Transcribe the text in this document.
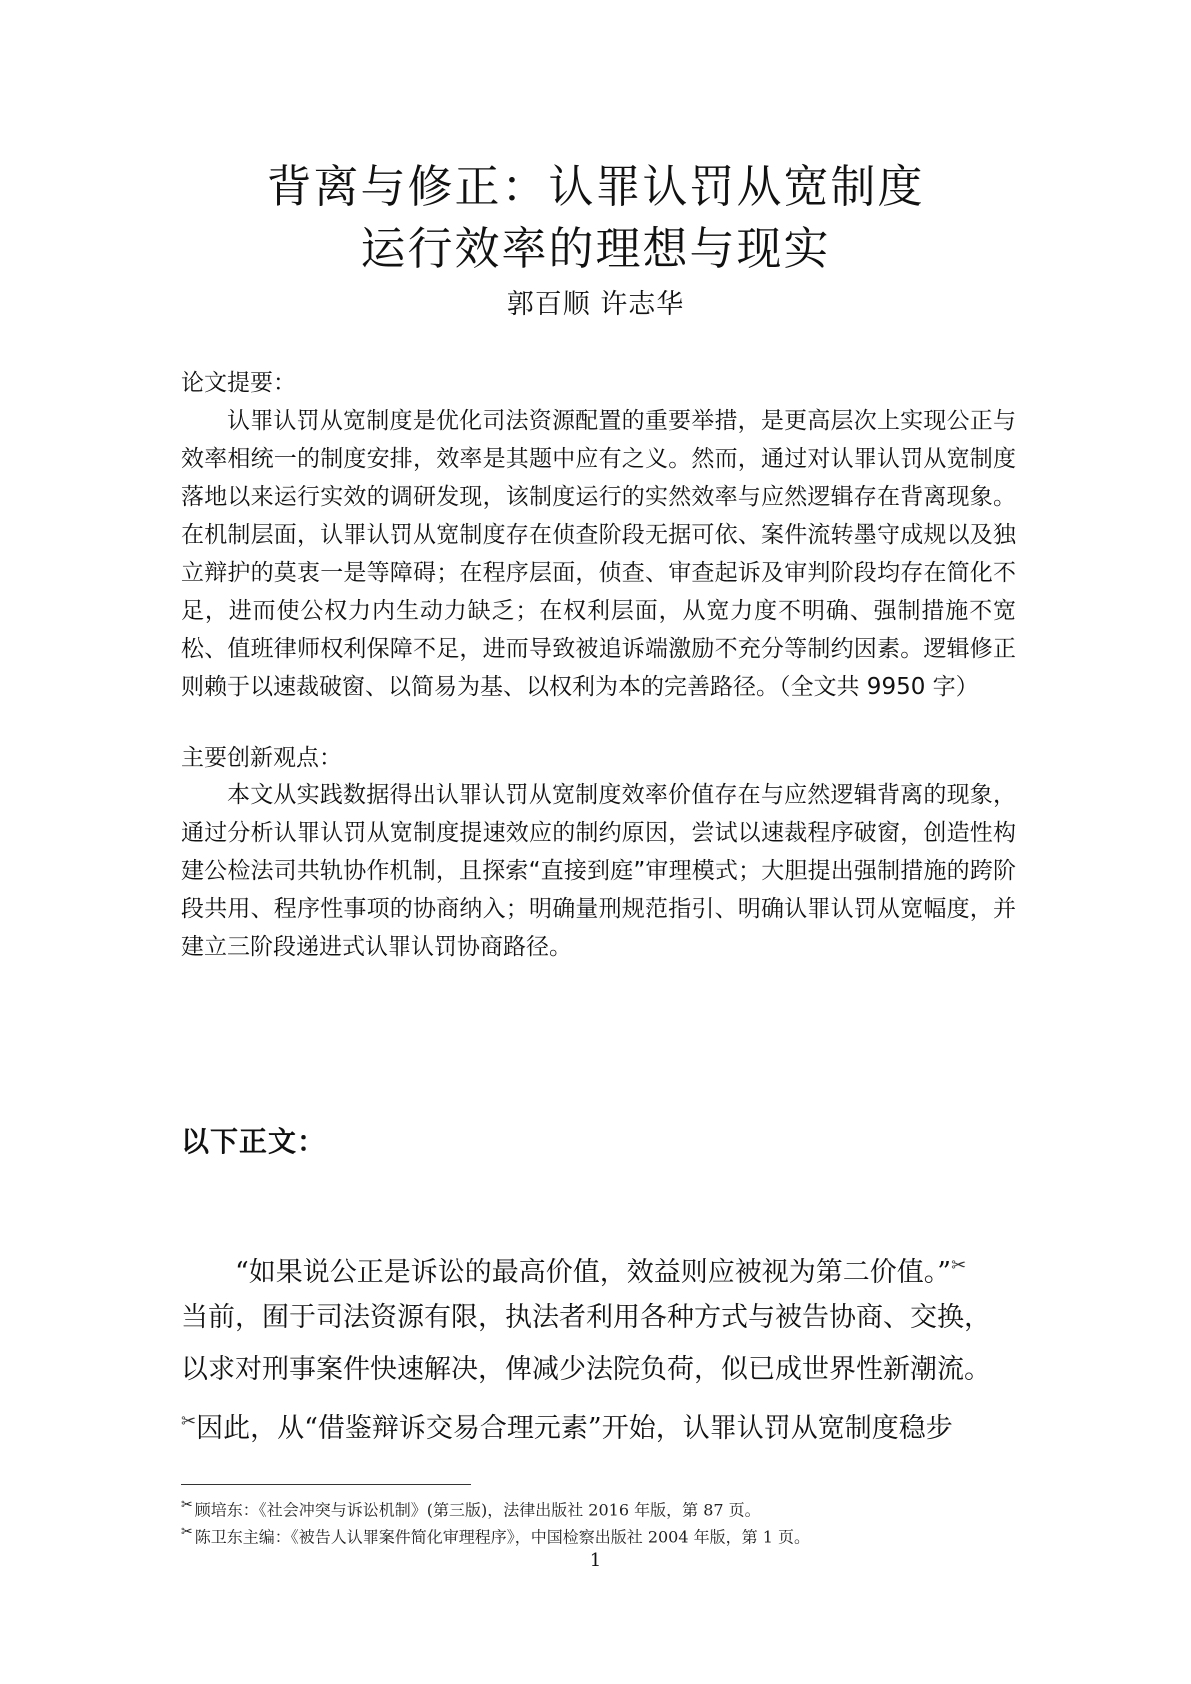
背离与修正：认罪认罚从宽制度
运行效率的理想与现实
郭百顺 许志华
论文提要：
认罪认罚从宽制度是优化司法资源配置的重要举措，是更高层次上实现公正与效率相统一的制度安排，效率是其题中应有之义。然而，通过对认罪认罚从宽制度落地以来运行实效的调研发现，该制度运行的实然效率与应然逻辑存在背离现象。在机制层面，认罪认罚从宽制度存在侦查阶段无据可依、案件流转墨守成规以及独立辩护的莫衷一是等障碍；在程序层面，侦查、审查起诉及审判阶段均存在简化不足，进而使公权力内生动力缺乏；在权利层面，从宽力度不明确、强制措施不宽松、值班律师权利保障不足，进而导致被追诉端激励不充分等制约因素。逻辑修正则赖于以速裁破窗、以简易为基、以权利为本的完善路径。（全文共 9950 字）
主要创新观点：
本文从实践数据得出认罪认罚从宽制度效率价值存在与应然逻辑背离的现象，通过分析认罪认罚从宽制度提速效应的制约原因，尝试以速裁程序破窗，创造性构建公检法司共轨协作机制，且探索“直接到庭”审理模式；大胆提出强制措施的跨阶段共用、程序性事项的协商纳入；明确量刑规范指引、明确认罪认罚从宽幅度，并建立三阶段递进式认罪认罚协商路径。
以下正文：
“如果说公正是诉讼的最高价值，效益则应被视为第二价值。”✂
当前，囿于司法资源有限，执法者利用各种方式与被告协商、交换，
以求对刑事案件快速解决，俾减少法院负荷，似已成世界性新潮流。
✂因此，从“借鉴辩诉交易合理元素”开始，认罪认罚从宽制度稳步
✂ 顾培东：《社会冲突与诉讼机制》(第三版)，法律出版社 2016 年版，第 87 页。
✂ 陈卫东主编：《被告人认罪案件简化审理程序》，中国检察出版社 2004 年版，第 1 页。
1
